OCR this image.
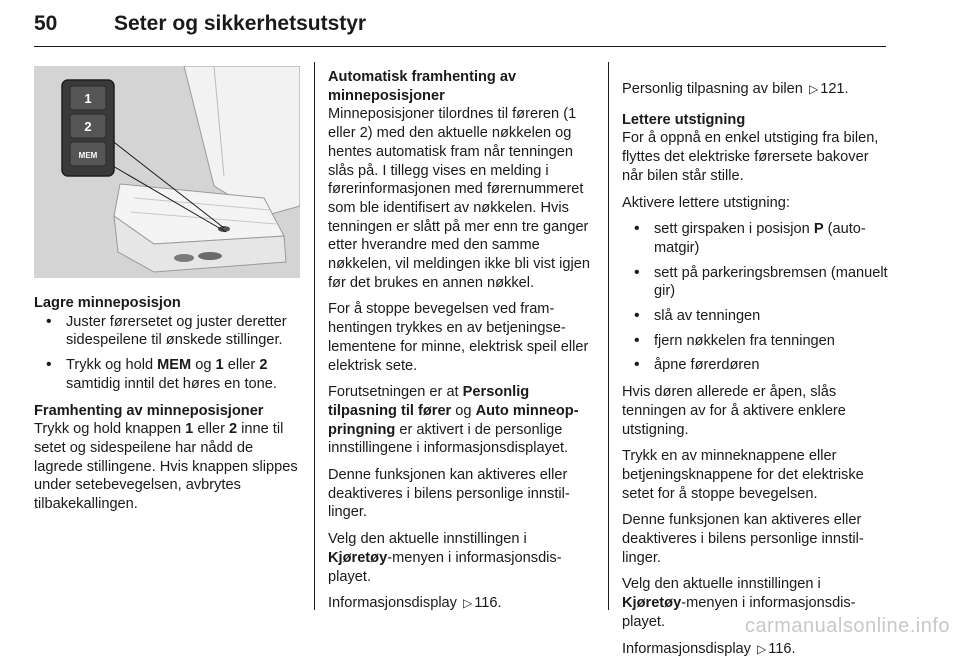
50	Seter og sikkerhetsutstyr
1
2
MEM

Lagre minneposisjon

• Juster førersetet og juster deretter sidespeilene til ønskede stillinger.
• Trykk og hold MEM og 1 eller 2 samtidig inntil det høres en tone.

Framhenting av minneposisjoner

Trykk og hold knappen 1 eller 2 inne til setet og sidespeilene har nådd de lagrede stillingene. Hvis knappen slippes under setebevegelsen, avbrytes tilbakekallingen.

Automatisk framhenting av minneposisjoner

Minneposisjoner tilordnes til føreren (1 eller 2) med den aktuelle nøkkelen og hentes automatisk fram når tenningen slås på. I tillegg vises en melding i førerinformasjonen med førernummeret som ble identifisert av nøkkelen. Hvis tenningen er slått på mer enn tre ganger etter hverandre med den samme nøkkelen, vil meldingen ikke bli vist igjen før det brukes en annen nøkkel.

For å stoppe bevegelsen ved framhentingen trykkes en av betjeningselementene for minne, elektrisk speil eller elektrisk sete.

Forutsetningen er at Personlig tilpasning til fører og Auto minneoppringning er aktivert i de personlige innstillingene i informasjonsdisplayet.

Denne funksjonen kan aktiveres eller deaktiveres i bilens personlige innstillinger.

Velg den aktuelle innstillingen i Kjøretøy-menyen i informasjonsdisplayet.

Informasjonsdisplay ▷ 116.

Personlig tilpasning av bilen ▷ 121.

Lettere utstigning

For å oppnå en enkel utstiging fra bilen, flyttes det elektriske førersete bakover når bilen står stille.

Aktivere lettere utstigning:

• sett girspaken i posisjon P (automatgir)
• sett på parkeringsbremsen (manuelt gir)
• slå av tenningen
• fjern nøkkelen fra tenningen
• åpne førerdøren

Hvis døren allerede er åpen, slås tenningen av for å aktivere enklere utstigning.

Trykk en av minneknappene eller betjeningsknappene for det elektriske setet for å stoppe bevegelsen.

Denne funksjonen kan aktiveres eller deaktiveres i bilens personlige innstillinger.

Velg den aktuelle innstillingen i Kjøretøy-menyen i informasjonsdisplayet.

Informasjonsdisplay ▷ 116.

carmanualsonline.info
